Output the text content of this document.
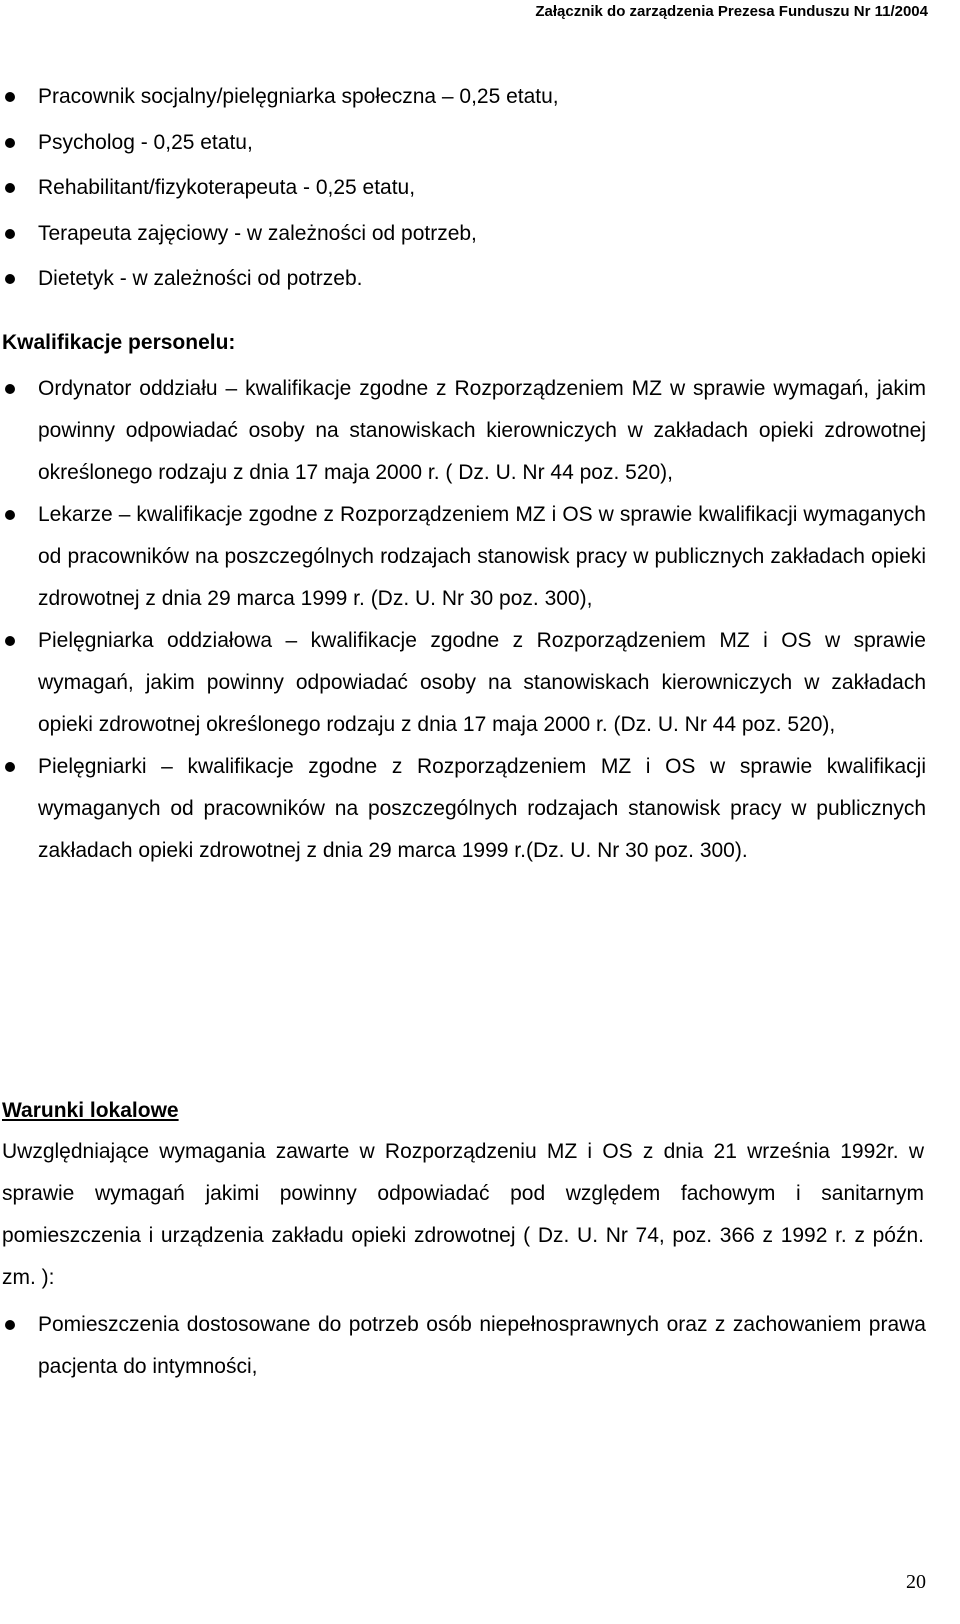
Załącznik do zarządzenia Prezesa Funduszu Nr 11/2004
Pracownik socjalny/pielęgniarka społeczna – 0,25 etatu,
Psycholog - 0,25 etatu,
Rehabilitant/fizykoterapeuta - 0,25 etatu,
Terapeuta zajęciowy - w zależności od potrzeb,
Dietetyk - w zależności od potrzeb.
Kwalifikacje personelu:
Ordynator oddziału – kwalifikacje zgodne z Rozporządzeniem MZ w sprawie wymagań, jakim powinny odpowiadać osoby na stanowiskach kierowniczych w zakładach opieki zdrowotnej określonego rodzaju z dnia 17 maja 2000 r. ( Dz. U. Nr 44 poz. 520),
Lekarze – kwalifikacje zgodne z Rozporządzeniem MZ i OS w sprawie kwalifikacji wymaganych od pracowników na poszczególnych rodzajach stanowisk pracy w publicznych zakładach opieki zdrowotnej z dnia 29 marca 1999 r. (Dz. U. Nr 30 poz. 300),
Pielęgniarka oddziałowa – kwalifikacje zgodne z Rozporządzeniem MZ i OS w sprawie wymagań, jakim powinny odpowiadać osoby na stanowiskach kierowniczych w zakładach opieki zdrowotnej określonego rodzaju z dnia 17 maja 2000 r. (Dz. U. Nr 44 poz. 520),
Pielęgniarki – kwalifikacje zgodne z Rozporządzeniem MZ i OS w sprawie kwalifikacji wymaganych od pracowników na poszczególnych rodzajach stanowisk pracy w publicznych zakładach opieki zdrowotnej z dnia 29 marca 1999 r.(Dz. U. Nr 30 poz. 300).
Warunki lokalowe
Uwzględniające wymagania zawarte w Rozporządzeniu MZ i OS z dnia 21 września 1992r. w sprawie wymagań jakimi powinny odpowiadać pod względem fachowym i sanitarnym pomieszczenia i urządzenia zakładu opieki zdrowotnej ( Dz. U. Nr 74, poz. 366 z 1992 r. z późn. zm. ):
Pomieszczenia dostosowane do potrzeb osób niepełnosprawnych oraz z zachowaniem prawa pacjenta do intymności,
20
